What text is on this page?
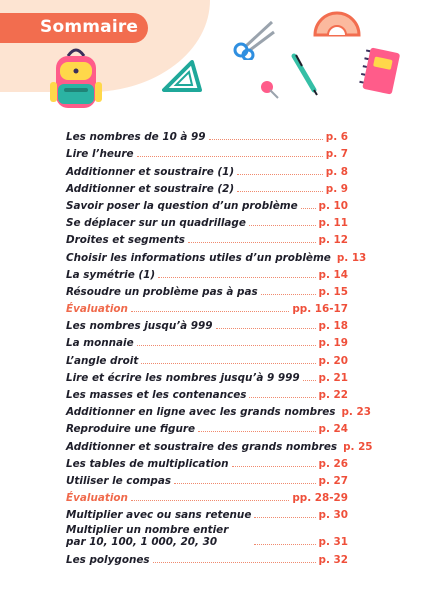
Sommaire
Les nombres de 10 à 99	p. 6
Lire l’heure	p. 7
Additionner et soustraire (1)	p. 8
Additionner et soustraire (2)	p. 9
Savoir poser la question d’un problème p. 10
Se déplacer sur un quadrillage	p. 11
Droites et segments	p. 12
Choisir les informations utiles d’un problème p. 13
La symétrie (1)	p. 14
Résoudre un problème pas à pas	p. 15
Évaluation	pp. 16-17
Les nombres jusqu’à 999	p. 18
La monnaie	p. 19
L’angle droit	p. 20
Lire et écrire les nombres jusqu’à 9 999 p. 21
Les masses et les contenances	p. 22
Additionner en ligne avec les grands nombres p. 23
Reproduire une figure	p. 24
Additionner et soustraire des grands nombres p. 25
Les tables de multiplication	p. 26
Utiliser le compas	p. 27
Évaluation	pp. 28-29
Multiplier avec ou sans retenue	p. 30
Multiplier un nombre entier par 10, 100, 1 000, 20, 30	p. 31
Les polygones	p. 32
